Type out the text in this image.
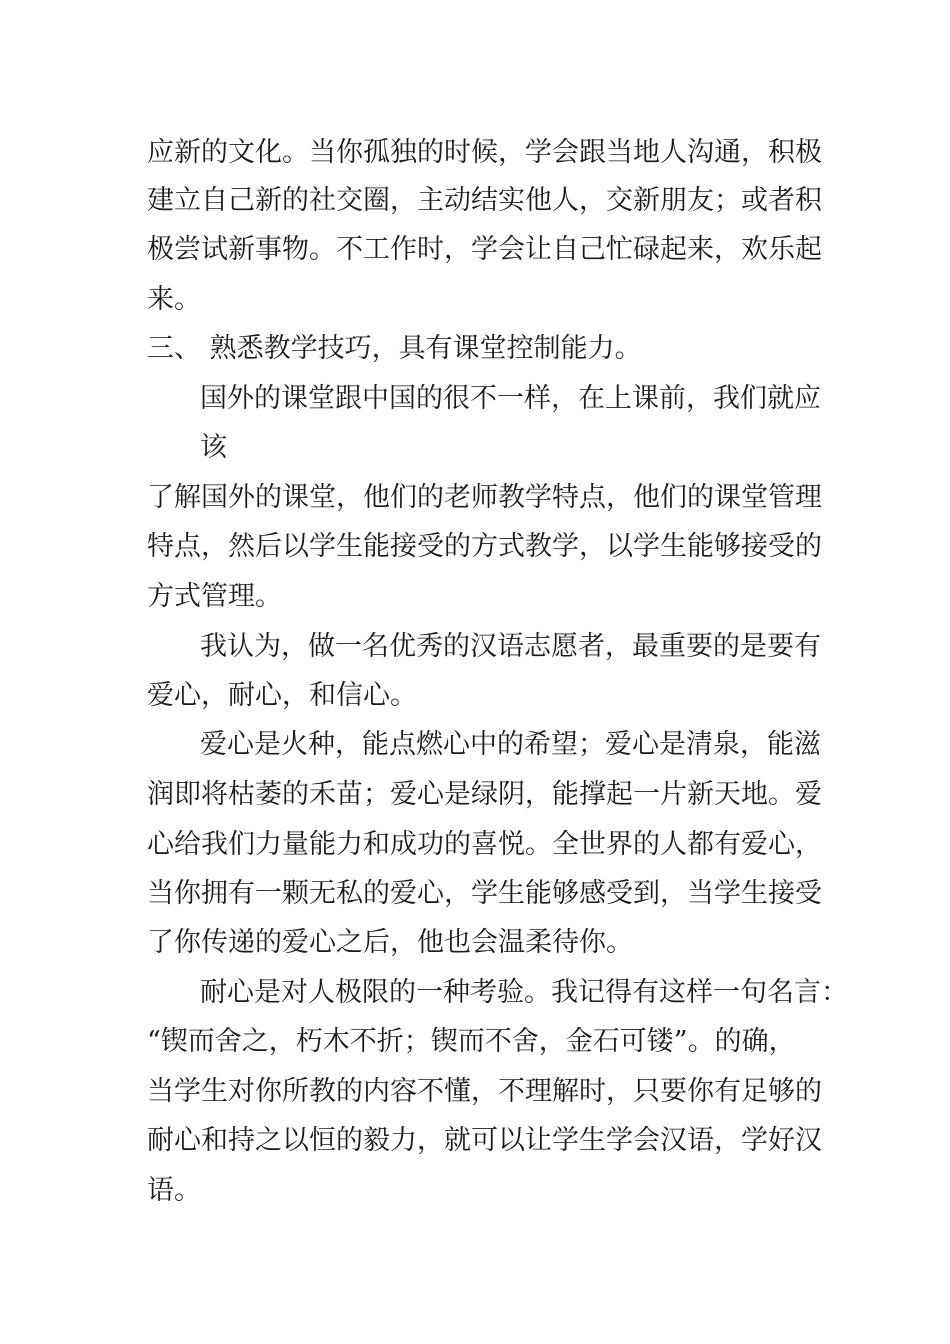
应新的文化。当你孤独的时候，学会跟当地人沟通，积极
建立自己新的社交圈，主动结实他人，交新朋友；或者积
极尝试新事物。不工作时，学会让自己忙碌起来，欢乐起
来。
三、 熟悉教学技巧，具有课堂控制能力。
国外的课堂跟中国的很不一样，在上课前，我们就应
该
了解国外的课堂，他们的老师教学特点，他们的课堂管理
特点，然后以学生能接受的方式教学，以学生能够接受的
方式管理。
我认为，做一名优秀的汉语志愿者，最重要的是要有
爱心，耐心，和信心。
爱心是火种，能点燃心中的希望；爱心是清泉，能滋
润即将枯萎的禾苗；爱心是绿阴，能撑起一片新天地。爱
心给我们力量能力和成功的喜悦。全世界的人都有爱心，
当你拥有一颗无私的爱心，学生能够感受到，当学生接受
了你传递的爱心之后，他也会温柔待你。
耐心是对人极限的一种考验。我记得有这样一句名言：
“锲而舍之，朽木不折；锲而不舍，金石可镂”。的确，
当学生对你所教的内容不懂，不理解时，只要你有足够的
耐心和持之以恒的毅力，就可以让学生学会汉语，学好汉
语。
